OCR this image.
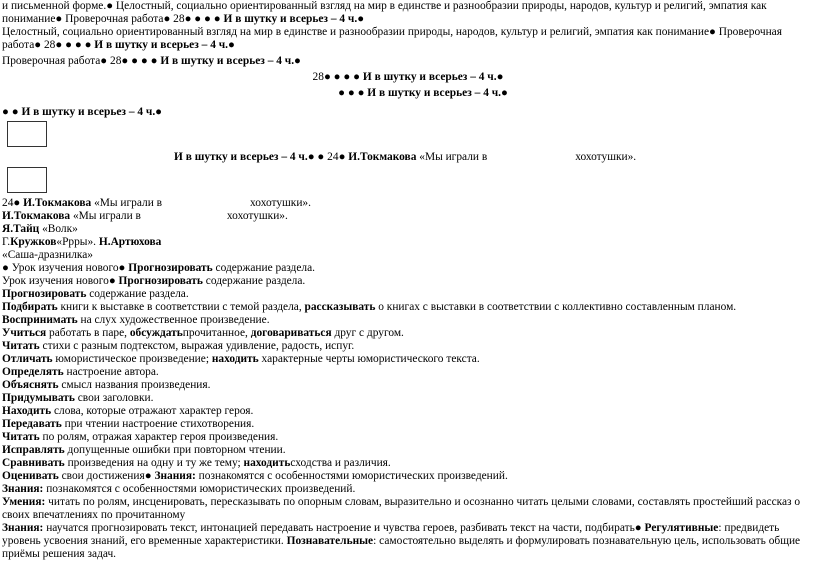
и письменной форме.● Целостный, социально ориентированный взгляд на мир в единстве и разнообразии природы, народов, культур и религий, эмпатия как
понимание● Проверочная работа● 28● ● ● ● И в шутку и всерьез – 4 ч.●
Целостный, социально ориентированный взгляд на мир в единстве и разнообразии природы, народов, культур и религий, эмпатия как понимание● Проверочная
работа● 28● ● ● ● И в шутку и всерьез – 4 ч.●
Проверочная работа● 28● ● ● ● И в шутку и всерьез – 4 ч.●
28● ● ● ● И в шутку и всерьез – 4 ч.●
● ● ● И в шутку и всерьез – 4 ч.●
● ● И в шутку и всерьез – 4 ч.●
И в шутку и всерьез – 4 ч.● ● 24● И.Токмакова «Мы играли в	хохотушки».
24● И.Токмакова «Мы играли в	хохотушки».
И.Токмакова «Мы играли в	хохотушки».
Я.Тайц «Волк»
Г.Кружков«Ррры». Н.Артюхова
«Саша-дразнилка»
● Урок изучения нового● Прогнозировать содержание раздела.
Урок изучения нового● Прогнозировать содержание раздела.
Прогнозировать содержание раздела.
Подбирать книги к выставке в соответствии с темой раздела, рассказывать о книгах с выставки в соответствии с коллективно составленным планом.
Воспринимать на слух художественное произведение.
Учиться работать в паре, обсуждатьпрочитанное, договариваться друг с другом.
Читать стихи с разным подтекстом, выражая удивление, радость, испуг.
Отличать юмористическое произведение; находить характерные черты юмористического текста.
Определять настроение автора.
Объяснять смысл названия произведения.
Придумывать свои заголовки.
Находить слова, которые отражают характер героя.
Передавать при чтении настроение стихотворения.
Читать по ролям, отражая характер героя произведения.
Исправлять допущенные ошибки при повторном чтении.
Сравнивать произведения на одну и ту же тему; находитьсходства и различия.
Оценивать свои достижения● Знания: познакомятся с особенностями юмористических произведений.
Знания: познакомятся с особенностями юмористических произведений.
Умения: читать по ролям, инсценировать, пересказывать по опорным словам, выразительно и осознанно читать целыми словами, составлять простейший рассказ о своих впечатлениях по прочитанному
Знания: научатся прогнозировать текст, интонацией передавать настроение и чувства героев, разбивать текст на части, подбирать● Регулятивные: предвидеть уровень усвоения знаний, его временные характеристики. Познавательные: самостоятельно выделять и формулировать познавательную цель, использовать общие приёмы решения задач.
